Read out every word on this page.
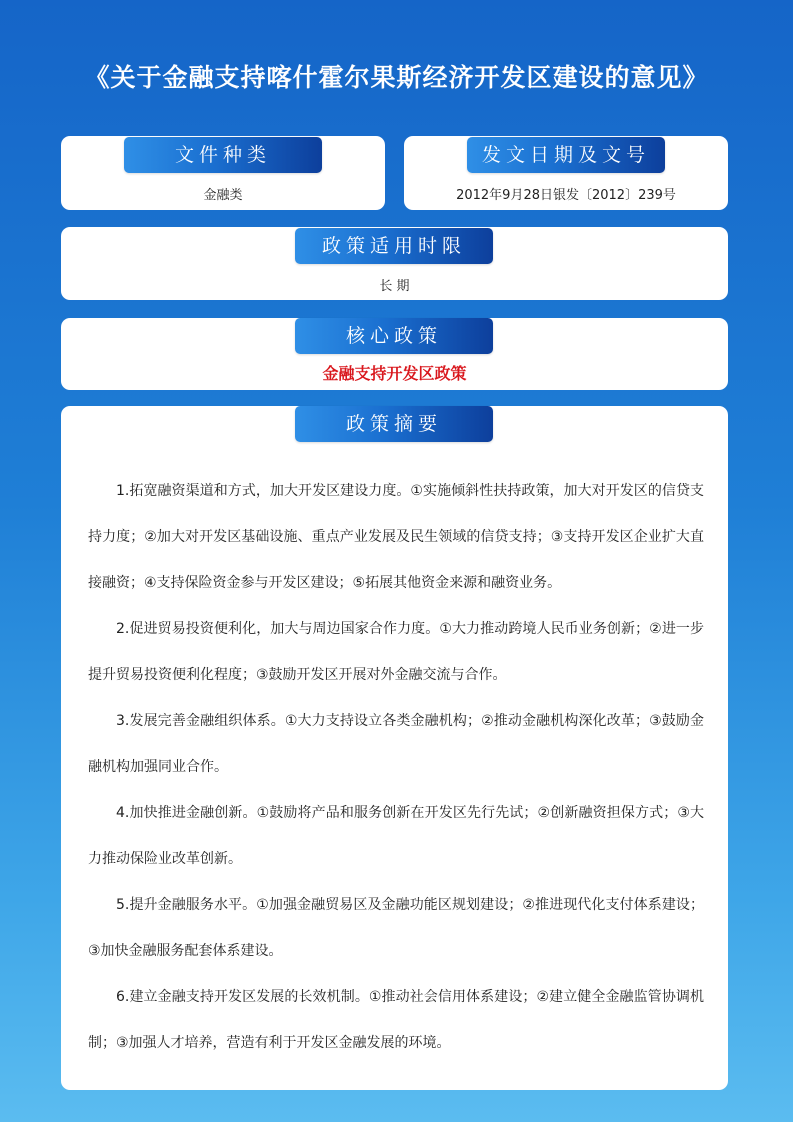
《关于金融支持喀什霍尔果斯经济开发区建设的意见》
文件种类
金融类
发文日期及文号
2012年9月28日银发〔2012〕239号
政策适用时限
长 期
核心政策
金融支持开发区政策
政策摘要

1.拓宽融资渠道和方式，加大开发区建设力度。①实施倾斜性扶持政策，加大对开发区的信贷支持力度；②加大对开发区基础设施、重点产业发展及民生领域的信贷支持；③支持开发区企业扩大直接融资；④支持保险资金参与开发区建设；⑤拓展其他资金来源和融资业务。

2.促进贸易投资便利化，加大与周边国家合作力度。①大力推动跨境人民币业务创新；②进一步提升贸易投资便利化程度；③鼓励开发区开展对外金融交流与合作。

3.发展完善金融组织体系。①大力支持设立各类金融机构；②推动金融机构深化改革；③鼓励金融机构加强同业合作。

4.加快推进金融创新。①鼓励将产品和服务创新在开发区先行先试；②创新融资担保方式；③大力推动保险业改革创新。

5.提升金融服务水平。①加强金融贸易区及金融功能区规划建设；②推进现代化支付体系建设；③加快金融服务配套体系建设。

6.建立金融支持开发区发展的长效机制。①推动社会信用体系建设；②建立健全金融监管协调机制；③加强人才培养，营造有利于开发区金融发展的环境。
